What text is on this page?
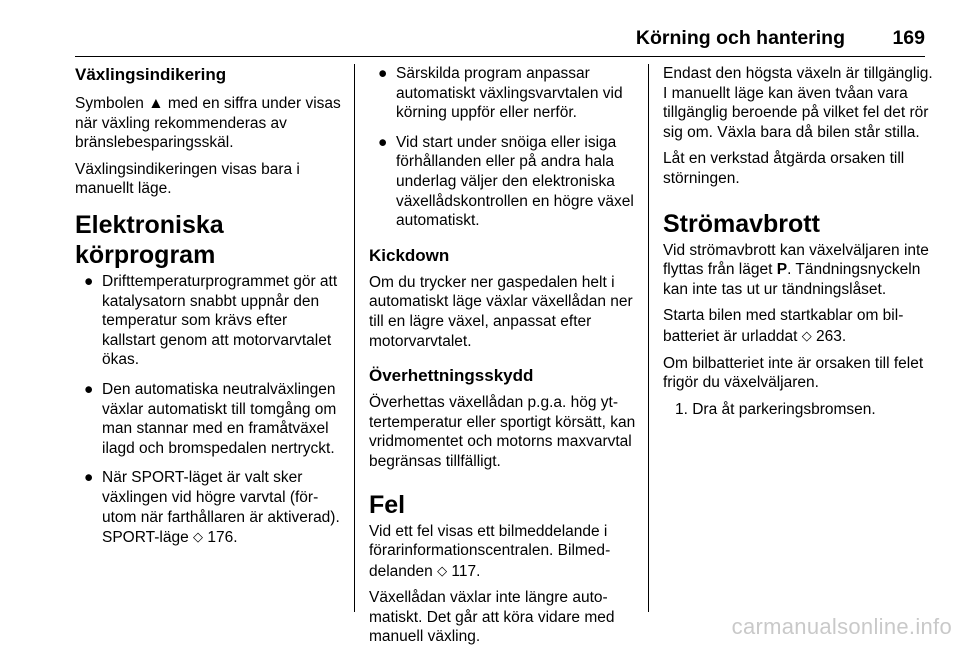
Körning och hantering 169
Växlingsindikering

Symbolen ▲ med en siffra under visas när växling rekommenderas av bränslebesparingsskäl.

Växlingsindikeringen visas bara i manuellt läge.

Elektroniska körprogram
● Drifttemperaturprogrammet gör att katalysatorn snabbt uppnår den temperatur som krävs efter kallstart genom att motorvarvtalet ökas.
● Den automatiska neutralväxlingen växlar automatiskt till tomgång om man stannar med en framåtväxel ilagd och bromspedalen nertryckt.
● När SPORT-läget är valt sker växlingen vid högre varvtal (förutom när farthållaren är aktiverad). SPORT-läge ◇ 176.
● Särskilda program anpassar automatiskt växlingsvarvtalen vid körning uppför eller nerför.
● Vid start under snöiga eller isiga förhållanden eller på andra hala underlag väljer den elektroniska växellådskontrollen en högre växel automatiskt.
Kickdown

Om du trycker ner gaspedalen helt i automatiskt läge växlar växellådan ner till en lägre växel, anpassat efter motorvarvtalet.

Överhettningsskydd

Överhettas växellådan p.g.a. hög yttertemperatur eller sportigt körsätt, kan vridmomentet och motorns maxvarvtal begränsas tillfälligt.

Fel

Vid ett fel visas ett bilmeddelande i förarinformationscentralen. Bilmeddelanden ◇ 117.

Växellådan växlar inte längre automatiskt. Det går att köra vidare med manuell växling.

Endast den högsta växeln är tillgänglig. I manuellt läge kan även tvåan vara tillgänglig beroende på vilket fel det rör sig om. Växla bara då bilen står stilla.

Låt en verkstad åtgärda orsaken till störningen.

Strömavbrott

Vid strömavbrott kan växelväljaren inte flyttas från läget P. Tändningsnyckeln kan inte tas ut ur tändningslåset.

Starta bilen med startkablar om bilbatteriet är urladdat ◇ 263.

Om bilbatteriet inte är orsaken till felet frigör du växelväljaren.

1. Dra åt parkeringsbromsen.

carmanualsonline.info
